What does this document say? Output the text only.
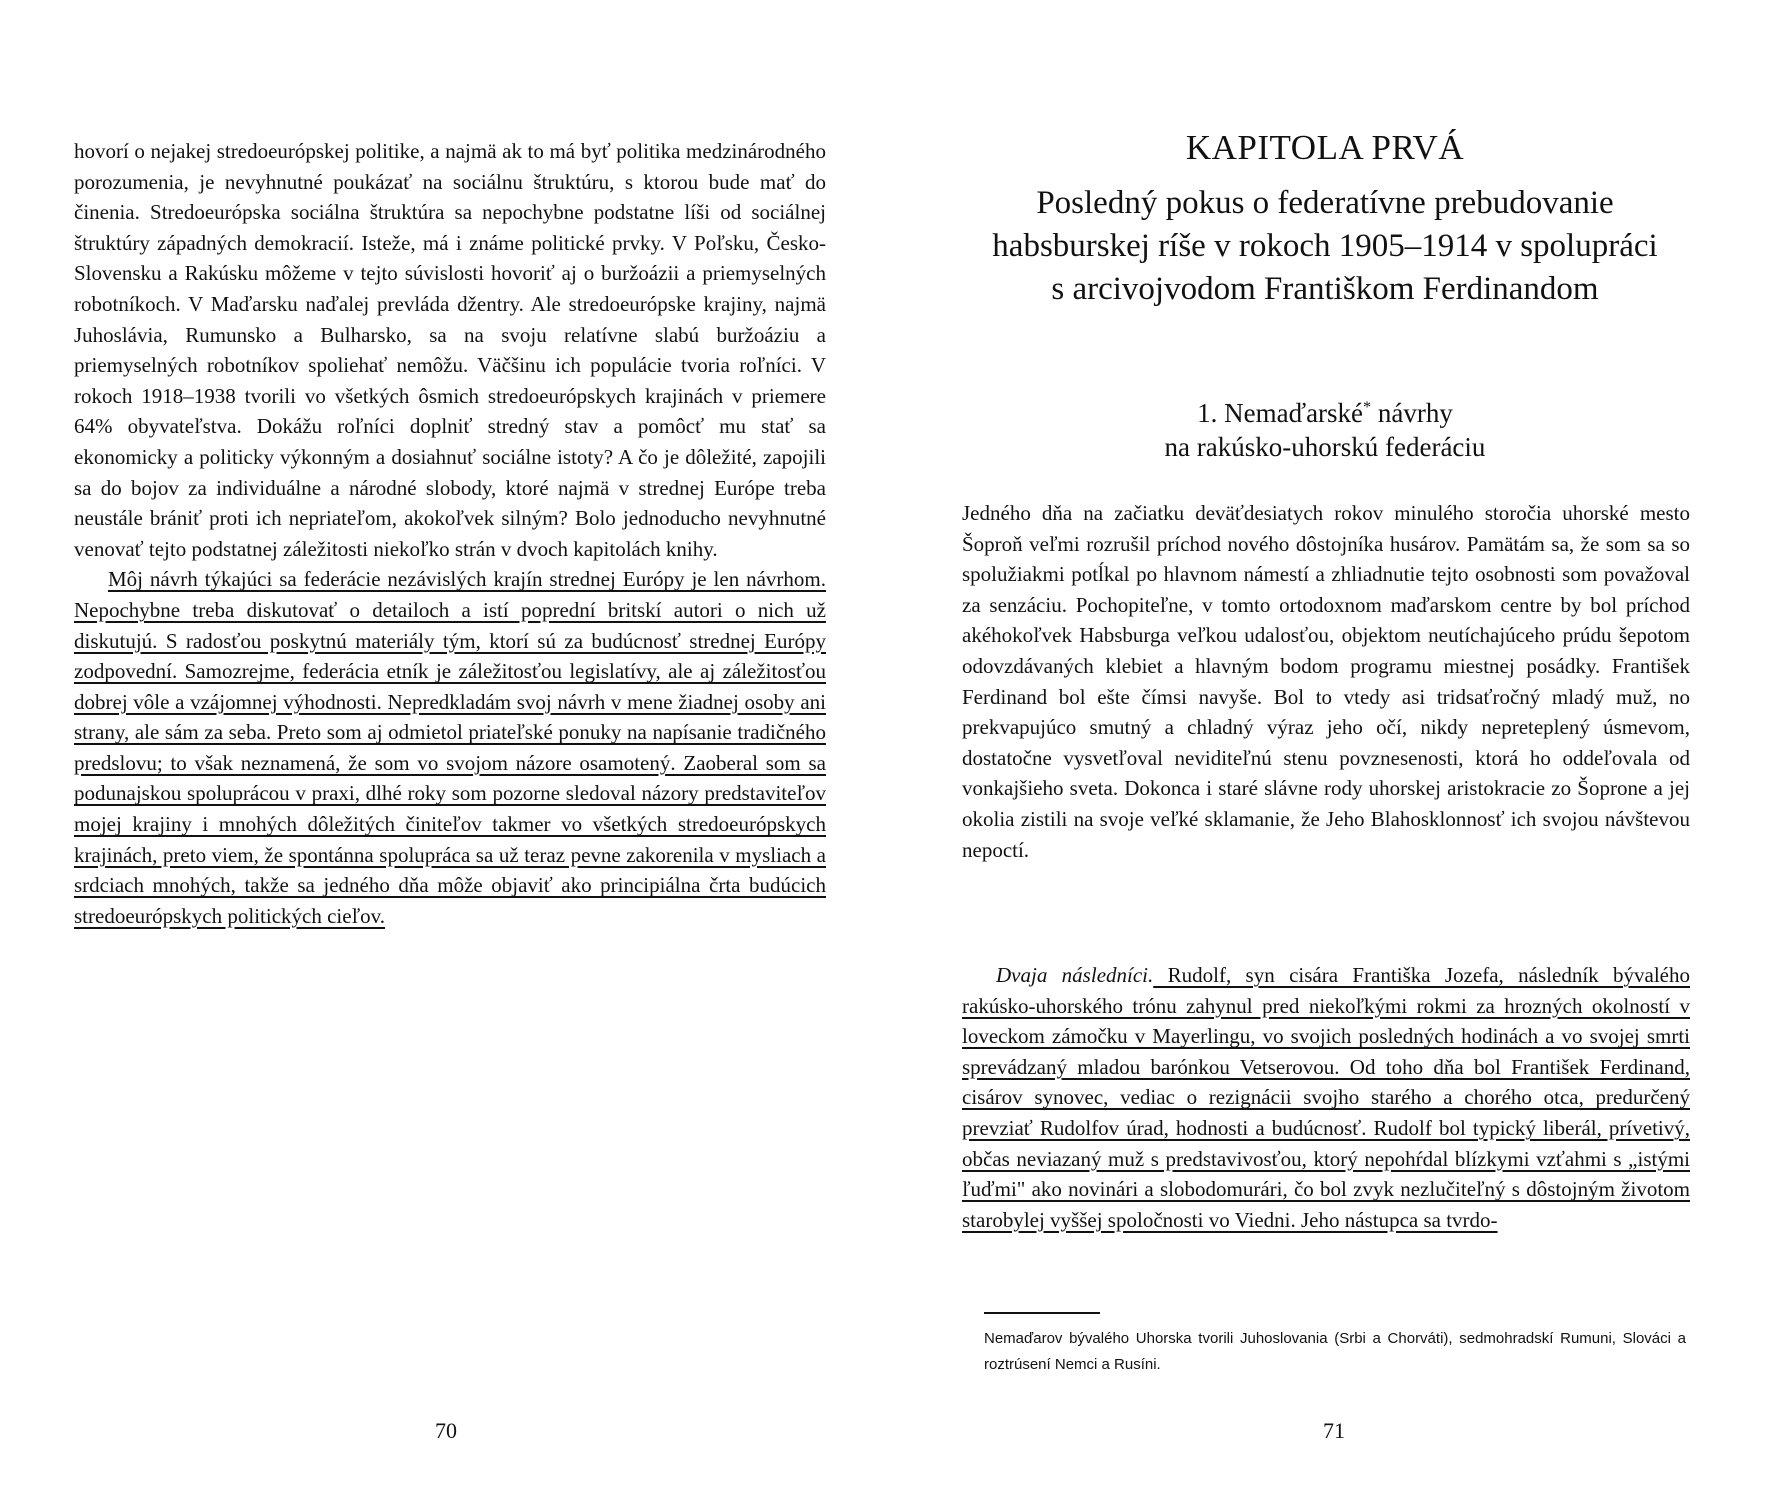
hovorí o nejakej stredoeurópskej politike, a najmä ak to má byť politika medzinárodného porozumenia, je nevyhnutné poukázať na sociálnu štruktúru, s ktorou bude mať do činenia. Stredoeurópska sociálna štruktúra sa nepochybne podstatne líši od sociálnej štruktúry západných demokracií. Isteže, má i známe politické prvky. V Poľsku, Česko-Slovensku a Rakúsku môžeme v tejto súvislosti hovoriť aj o buržoázii a priemyselných robotníkoch. V Maďarsku naďalej prevláda džentry. Ale stredoeurópske krajiny, najmä Juhoslávia, Rumunsko a Bulharsko, sa na svoju relatívne slabú buržoáziu a priemyselných robotníkov spoliehať nemôžu. Väčšinu ich populácie tvoria roľníci. V rokoch 1918–1938 tvorili vo všetkých ôsmich stredoeurópskych krajinách v priemere 64% obyvateľstva. Dokážu roľníci doplniť stredný stav a pomôcť mu stať sa ekonomicky a politicky výkonným a dosiahnuť sociálne istoty? A čo je dôležité, zapojili sa do bojov za individuálne a národné slobody, ktoré najmä v strednej Európe treba neustále brániť proti ich nepriateľom, akokoľvek silným? Bolo jednoducho nevyhnutné venovať tejto podstatnej záležitosti niekoľko strán v dvoch kapitolách knihy.

Môj návrh týkajúci sa federácie nezávislých krajín strednej Európy je len návrhom. Nepochybne treba diskutovať o detailoch a istí poprední britskí autori o nich už diskutujú. S radosťou poskytnú materiály tým, ktorí sú za budúcnosť strednej Európy zodpovední. Samozrejme, federácia etník je záležitosťou legislatívy, ale aj záležitosťou dobrej vôle a vzájomnej výhodnosti. Nepredkladám svoj návrh v mene žiadnej osoby ani strany, ale sám za seba. Preto som aj odmietol priateľské ponuky na napísanie tradičného predslovu; to však neznamená, že som vo svojom názore osamotený. Zaoberal som sa podunajskou spoluprácou v praxi, dlhé roky som pozorne sledoval názory predstaviteľov mojej krajiny i mnohých dôležitých činiteľov takmer vo všetkých stredoeurópskych krajinách, preto viem, že spontánna spolupráca sa už teraz pevne zakorenila v mysliach a srdciach mnohých, takže sa jedného dňa môže objaviť ako principiálna črta budúcich stredoeurópskych politických cieľov.

70
KAPITOLA PRVÁ
Posledný pokus o federatívne prebudovanie
habsburskej ríše v rokoch 1905–1914 v spolupráci
s arcivojvodom Františkom Ferdinandom
1. Nemaďarské* návrhy
na rakúsko-uhorskú federáciu

Jedného dňa na začiatku deväťdesiatych rokov minulého storočia uhorské mesto Šoproň veľmi rozrušil príchod nového dôstojníka husárov. Pamätám sa, že som sa so spolužiakmi potĺkal po hlavnom námestí a zhliadnutie tejto osobnosti som považoval za senzáciu. Pochopiteľne, v tomto ortodoxnom maďarskom centre by bol príchod akéhokoľvek Habsburga veľkou udalosťou, objektom neutíchajúceho prúdu šepotom odovzdávaných klebiet a hlavným bodom programu miestnej posádky. František Ferdinand bol ešte čímsi navyše. Bol to vtedy asi tridsaťročný mladý muž, no prekvapujúco smutný a chladný výraz jeho očí, nikdy nepreteplený úsmevom, dostatočne vysvetľoval neviditeľnú stenu povznesenosti, ktorá ho oddeľovala od vonkajšieho sveta. Dokonca i staré slávne rody uhorskej aristokracie zo Šoprone a jej okolia zistili na svoje veľké sklamanie, že Jeho Blahosklonnosť ich svojou návštevou nepoctí.

Dvaja následníci. Rudolf, syn cisára Františka Jozefa, následník bývalého rakúsko-uhorského trónu zahynul pred niekoľkými rokmi za hrozných okolností v loveckom zámočku v Mayerlingu, vo svojich posledných hodinách a vo svojej smrti sprevádzaný mladou barónkou Vetserovou. Od toho dňa bol František Ferdinand, cisárov synovec, vediac o rezignácii svojho starého a chorého otca, predurčený prevziať Rudolfov úrad, hodnosti a budúcnosť. Rudolf bol typický liberál, prívetivý, občas neviazaný muž s predstavivosťou, ktorý nepohŕdal blízkymi vzťahmi s „istými ľuďmi" ako novinári a slobodomurári, čo bol zvyk nezlučiteľný s dôstojným životom starobylej vyššej spoločnosti vo Viedni. Jeho nástupca sa tvrdo-

Nemaďarov bývalého Uhorska tvorili Juhoslovania (Srbi a Chorváti), sedmohradskí Rumuni, Slováci a roztrúsení Nemci a Rusíni.
71
